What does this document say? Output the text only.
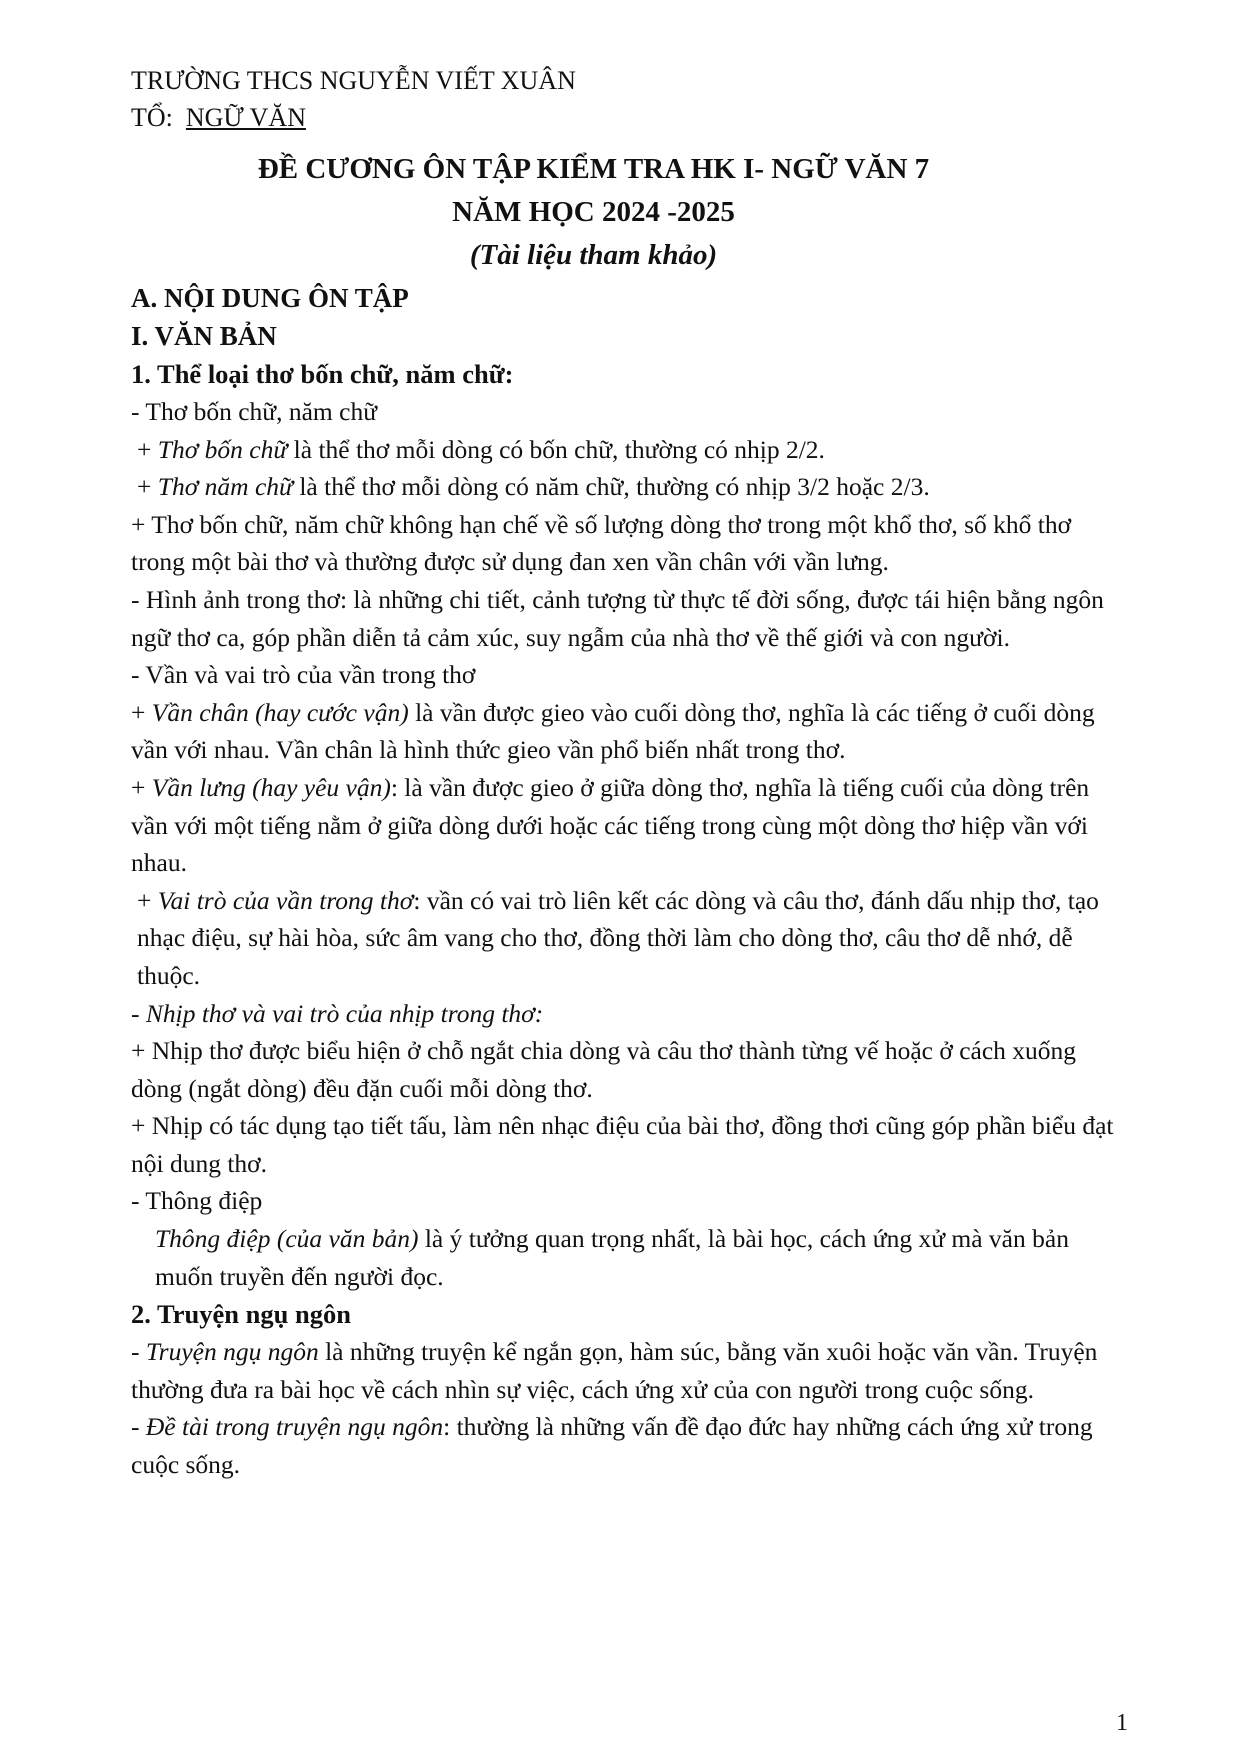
TRƯỜNG THCS NGUYỄN VIẾT XUÂN
TỔ: NGỮ VĂN
ĐỀ CƯƠNG ÔN TẬP KIỂM TRA HK I- NGỮ VĂN 7
NĂM HỌC 2024 -2025
(Tài liệu tham khảo)
A. NỘI DUNG ÔN TẬP
I. VĂN BẢN
1. Thể loại thơ bốn chữ, năm chữ:

- Thơ bốn chữ, năm chữ

+ Thơ bốn chữ là thể thơ mỗi dòng có bốn chữ, thường có nhịp 2/2.

+ Thơ năm chữ là thể thơ mỗi dòng có năm chữ, thường có nhịp 3/2 hoặc 2/3.

+ Thơ bốn chữ, năm chữ không hạn chế về số lượng dòng thơ trong một khổ thơ, số khổ thơ trong một bài thơ và thường được sử dụng đan xen vần chân với vần lưng.

- Hình ảnh trong thơ: là những chi tiết, cảnh tượng từ thực tế đời sống, được tái hiện bằng ngôn ngữ thơ ca, góp phần diễn tả cảm xúc, suy ngẫm của nhà thơ về thế giới và con người.

- Vần và vai trò của vần trong thơ

+ Vần chân (hay cước vận) là vần được gieo vào cuối dòng thơ, nghĩa là các tiếng ở cuối dòng vần với nhau. Vần chân là hình thức gieo vần phổ biến nhất trong thơ.

+ Vần lưng (hay yêu vận): là vần được gieo ở giữa dòng thơ, nghĩa là tiếng cuối của dòng trên vần với một tiếng nằm ở giữa dòng dưới hoặc các tiếng trong cùng một dòng thơ hiệp vần với nhau.

+ Vai trò của vần trong thơ: vần có vai trò liên kết các dòng và câu thơ, đánh dấu nhịp thơ, tạo nhạc điệu, sự hài hòa, sức âm vang cho thơ, đồng thời làm cho dòng thơ, câu thơ dễ nhớ, dễ thuộc.

- Nhịp thơ và vai trò của nhịp trong thơ:

+ Nhịp thơ được biểu hiện ở chỗ ngắt chia dòng và câu thơ thành từng vế hoặc ở cách xuống dòng (ngắt dòng) đều đặn cuối mỗi dòng thơ.

+ Nhịp có tác dụng tạo tiết tấu, làm nên nhạc điệu của bài thơ, đồng thơi cũng góp phần biểu đạt nội dung thơ.

- Thông điệp

Thông điệp (của văn bản) là ý tưởng quan trọng nhất, là bài học, cách ứng xử mà văn bản muốn truyền đến người đọc.

2. Truyện ngụ ngôn

- Truyện ngụ ngôn là những truyện kể ngắn gọn, hàm súc, bằng văn xuôi hoặc văn vần. Truyện thường đưa ra bài học về cách nhìn sự việc, cách ứng xử của con người trong cuộc sống.

- Đề tài trong truyện ngụ ngôn: thường là những vấn đề đạo đức hay những cách ứng xử trong cuộc sống.

1
